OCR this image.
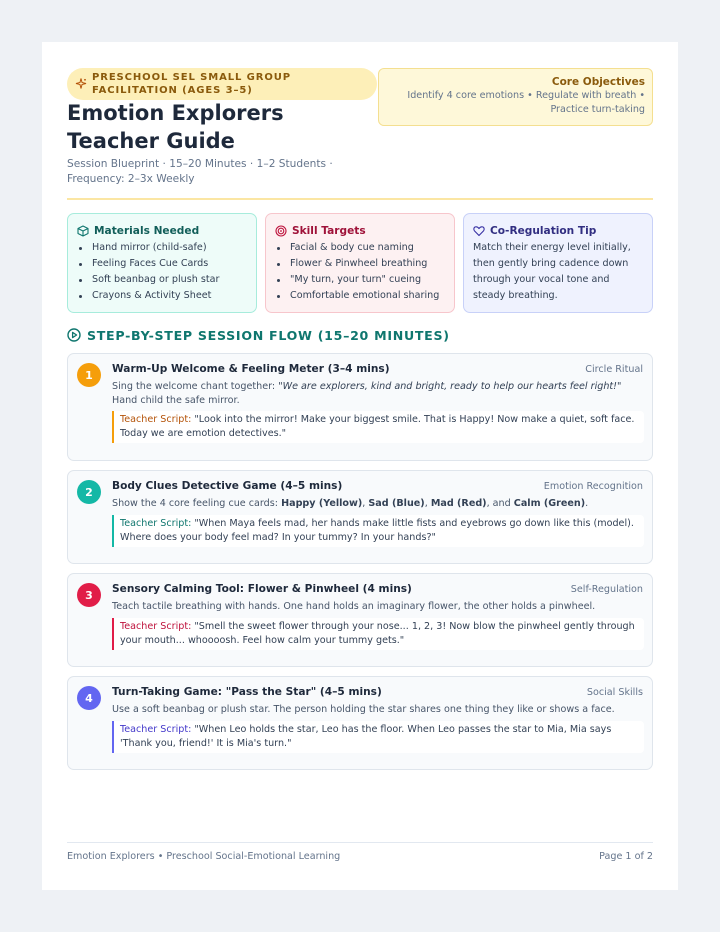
PRESCHOOL SEL SMALL GROUP FACILITATION (AGES 3–5)
Emotion Explorers Teacher Guide
Session Blueprint · 15–20 Minutes · 1–2 Students · Frequency: 2–3x Weekly
Core Objectives
Identify 4 core emotions • Regulate with breath • Practice turn-taking
Materials Needed
Hand mirror (child-safe)
Feeling Faces Cue Cards
Soft beanbag or plush star
Crayons & Activity Sheet
Skill Targets
Facial & body cue naming
Flower & Pinwheel breathing
"My turn, your turn" cueing
Comfortable emotional sharing
Co-Regulation Tip
Match their energy level initially, then gently bring cadence down through your vocal tone and steady breathing.
STEP-BY-STEP SESSION FLOW (15–20 MINUTES)
1	Warm-Up Welcome & Feeling Meter (3–4 mins)	Circle Ritual
Sing the welcome chant together: "We are explorers, kind and bright, ready to help our hearts feel right!" Hand child the safe mirror.
Teacher Script: "Look into the mirror! Make your biggest smile. That is Happy! Now make a quiet, soft face. Today we are emotion detectives."
2	Body Clues Detective Game (4–5 mins)	Emotion Recognition
Show the 4 core feeling cue cards: Happy (Yellow), Sad (Blue), Mad (Red), and Calm (Green).
Teacher Script: "When Maya feels mad, her hands make little fists and eyebrows go down like this (model). Where does your body feel mad? In your tummy? In your hands?"
3	Sensory Calming Tool: Flower & Pinwheel (4 mins)	Self-Regulation
Teach tactile breathing with hands. One hand holds an imaginary flower, the other holds a pinwheel.
Teacher Script: "Smell the sweet flower through your nose... 1, 2, 3! Now blow the pinwheel gently through your mouth... whoooosh. Feel how calm your tummy gets."
4	Turn-Taking Game: "Pass the Star" (4–5 mins)	Social Skills
Use a soft beanbag or plush star. The person holding the star shares one thing they like or shows a face.
Teacher Script: "When Leo holds the star, Leo has the floor. When Leo passes the star to Mia, Mia says 'Thank you, friend!' It is Mia's turn."
Emotion Explorers • Preschool Social-Emotional Learning	Page 1 of 2
